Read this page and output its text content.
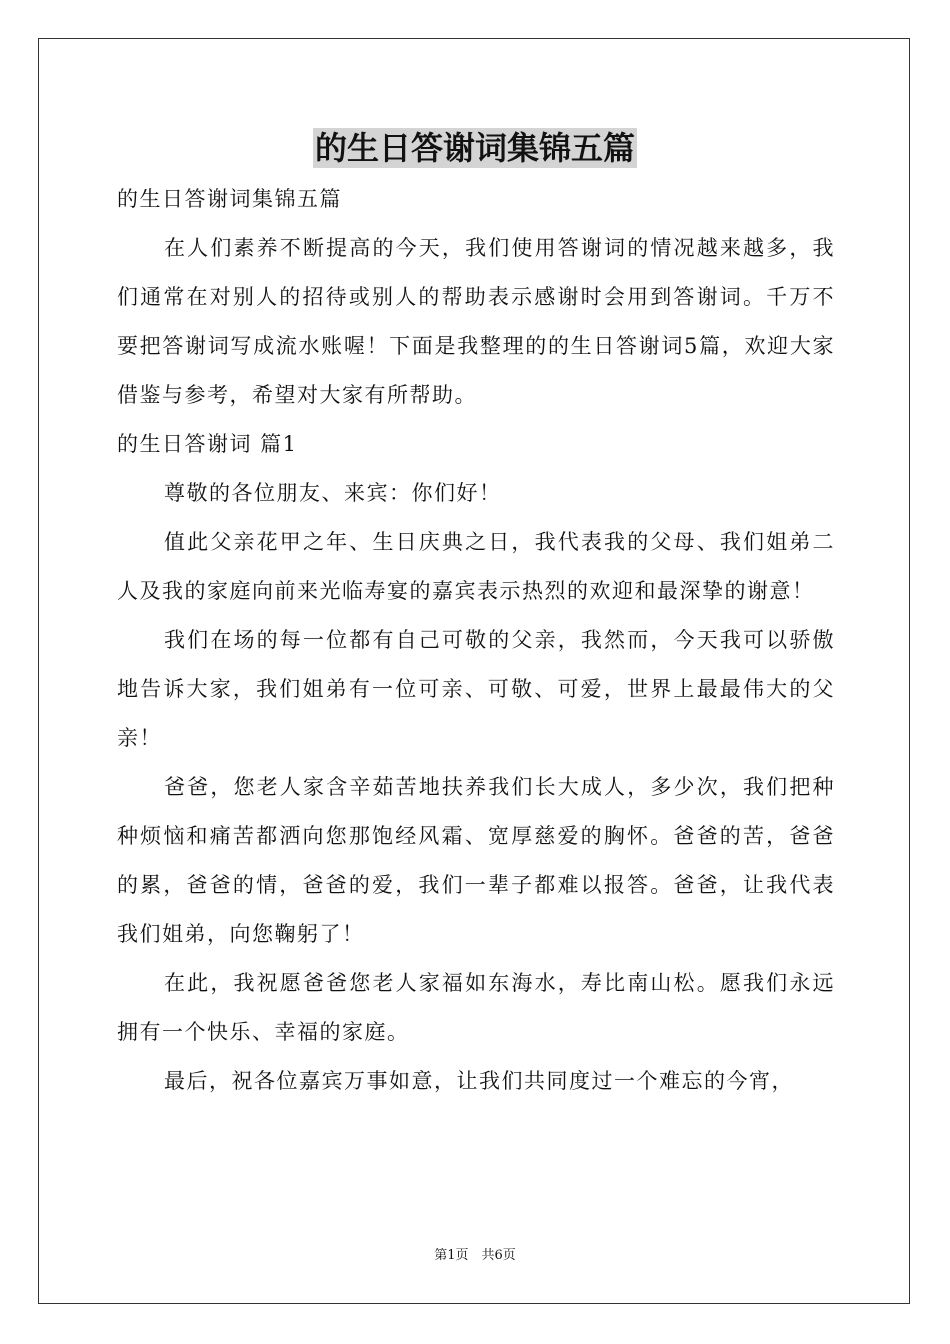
的生日答谢词集锦五篇

的生日答谢词集锦五篇

在人们素养不断提高的今天，我们使用答谢词的情况越来越多，我们通常在对别人的招待或别人的帮助表示感谢时会用到答谢词。千万不要把答谢词写成流水账喔！下面是我整理的的生日答谢词5篇，欢迎大家借鉴与参考，希望对大家有所帮助。

的生日答谢词 篇1

尊敬的各位朋友、来宾：你们好！

值此父亲花甲之年、生日庆典之日，我代表我的父母、我们姐弟二人及我的家庭向前来光临寿宴的嘉宾表示热烈的欢迎和最深挚的谢意！

我们在场的每一位都有自己可敬的父亲，我然而，今天我可以骄傲地告诉大家，我们姐弟有一位可亲、可敬、可爱，世界上最最伟大的父亲！

爸爸，您老人家含辛茹苦地扶养我们长大成人，多少次，我们把种种烦恼和痛苦都洒向您那饱经风霜、宽厚慈爱的胸怀。爸爸的苦，爸爸的累，爸爸的情，爸爸的爱，我们一辈子都难以报答。爸爸，让我代表我们姐弟，向您鞠躬了！

在此，我祝愿爸爸您老人家福如东海水，寿比南山松。愿我们永远拥有一个快乐、幸福的家庭。

最后，祝各位嘉宾万事如意，让我们共同度过一个难忘的今宵，

第1页　共6页
